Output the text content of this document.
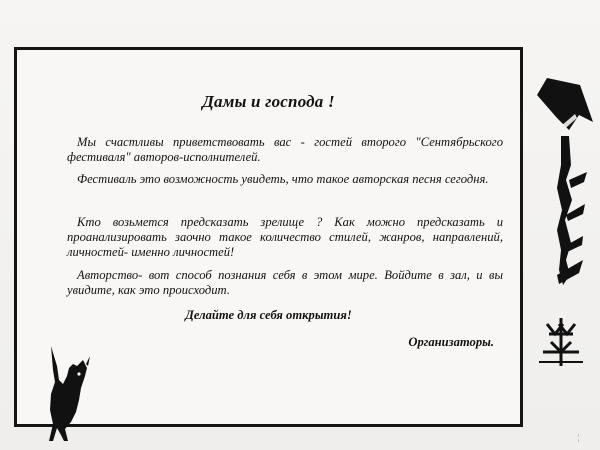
Дамы и господа !
Мы счастливы приветствовать вас - гостей второго "Сентябрьского фестиваля" авторов-исполнителей.
Фестиваль это возможность увидеть, что такое авторская песня сегодня.
Кто возьмется предсказать зрелище ? Как можно предсказать и проанализировать заочно такое количество стилей, жанров, направлений, личностей- именно личностей!
Авторство- вот способ познания себя в этом мире. Войдите в зал, и вы увидите, как это происходит.
Делайте для себя открытия!
Организаторы.
¦
